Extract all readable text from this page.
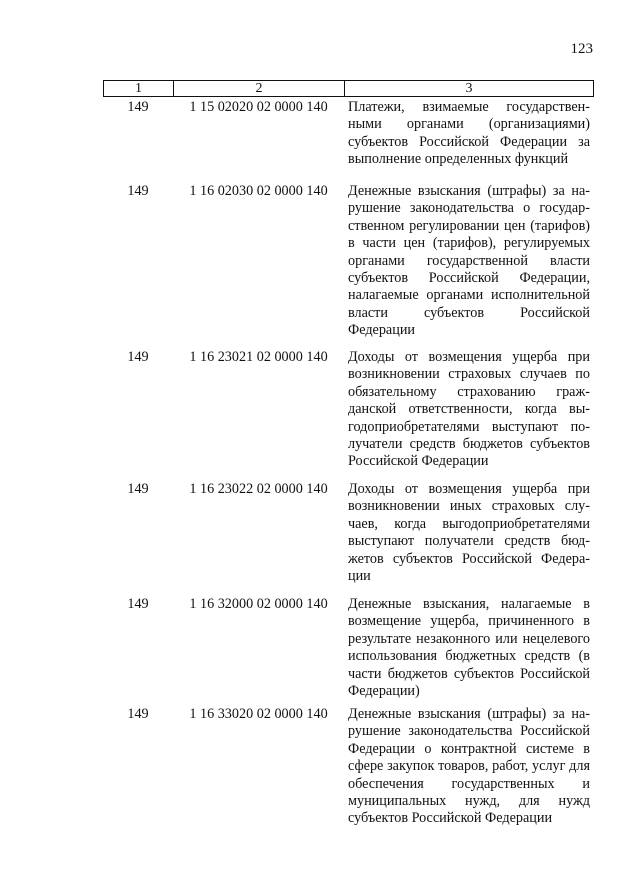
123
1	2	3
149	1 15 02020 02 0000 140	Платежи, взимаемые государственными органами (организациями) субъектов Российской Федерации за выполнение определенных функций
149	1 16 02030 02 0000 140	Денежные взыскания (штрафы) за нарушение законодательства о государственном регулировании цен (тарифов) в части цен (тарифов), регулируемых органами государственной власти субъектов Российской Федерации, налагаемые органами исполнительной власти субъектов Российской Федерации
149	1 16 23021 02 0000 140	Доходы от возмещения ущерба при возникновении страховых случаев по обязательному страхованию гражданской ответственности, когда выгодоприобретателями выступают получатели средств бюджетов субъектов Российской Федерации
149	1 16 23022 02 0000 140	Доходы от возмещения ущерба при возникновении иных страховых случаев, когда выгодоприобретателями выступают получатели средств бюджетов субъектов Российской Федерации
149	1 16 32000 02 0000 140	Денежные взыскания, налагаемые в возмещение ущерба, причиненного в результате незаконного или нецелевого использования бюджетных средств (в части бюджетов субъектов Российской Федерации)
149	1 16 33020 02 0000 140	Денежные взыскания (штрафы) за нарушение законодательства Российской Федерации о контрактной системе в сфере закупок товаров, работ, услуг для обеспечения государственных и муниципальных нужд, для нужд субъектов Российской Федерации
